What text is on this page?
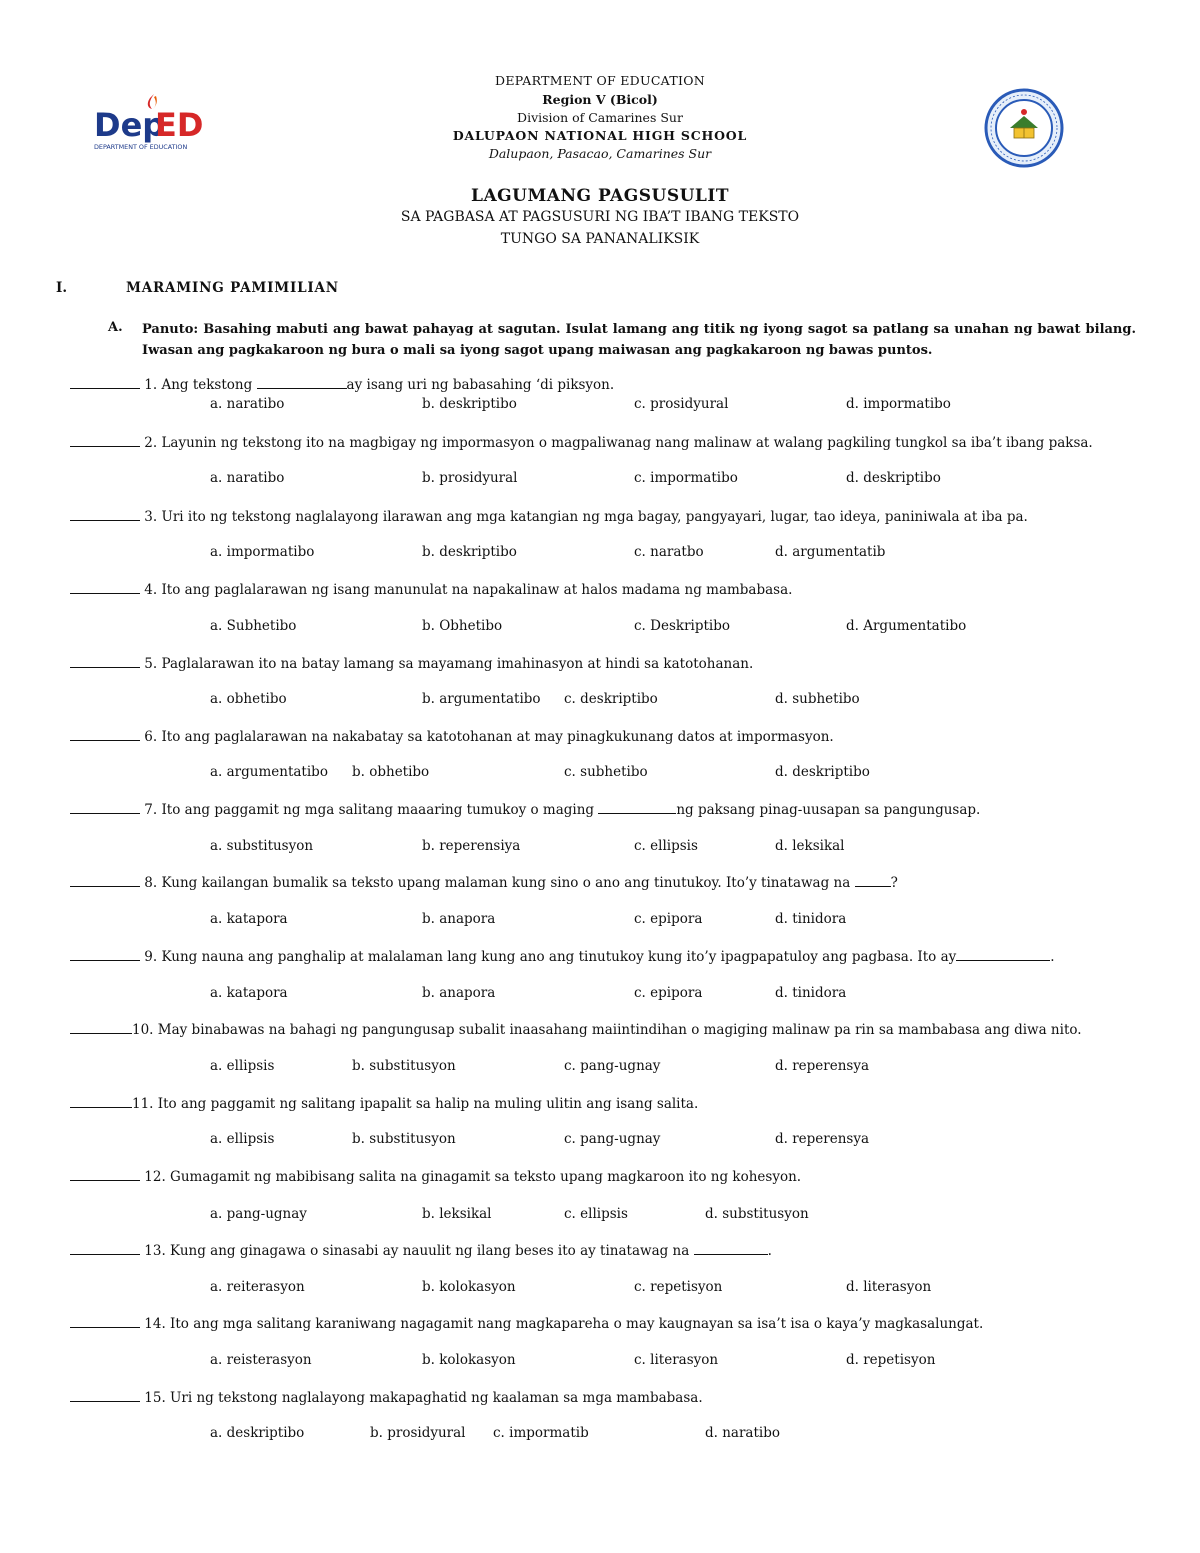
Dep
ED
DEPARTMENT OF EDUCATION
DEPARTMENT OF EDUCATION
Region V (Bicol)
Division of Camarines Sur
DALUPAON NATIONAL HIGH SCHOOL
Dalupaon, Pasacao, Camarines Sur
LAGUMANG PAGSUSULIT
SA PAGBASA AT PAGSUSURI NG IBA’T IBANG TEKSTO
TUNGO SA PANANALIKSIK
I.	MARAMING PAMIMILIAN
A. Panuto: Basahing mabuti ang bawat pahayag at sagutan. Isulat lamang ang titik ng iyong sagot sa patlang sa unahan ng bawat bilang. Iwasan ang pagkakaroon ng bura o mali sa iyong sagot upang maiwasan ang pagkakaroon ng bawas puntos.
1. Ang tekstong	ay isang uri ng babasahing ‘di piksyon.
a. naratibo	b. deskriptibo	c. prosidyural	d. impormatibo
2. Layunin ng tekstong ito na magbigay ng impormasyon o magpaliwanag nang malinaw at walang pagkiling tungkol sa iba’t ibang paksa.
a. naratibo	b. prosidyural	c. impormatibo	d. deskriptibo
3. Uri ito ng tekstong naglalayong ilarawan ang mga katangian ng mga bagay, pangyayari, lugar, tao ideya, paniniwala at iba pa.
a. impormatibo	b. deskriptibo	c. naratbo	d. argumentatib
4. Ito ang paglalarawan ng isang manunulat na napakalinaw at halos madama ng mambabasa.
a. Subhetibo	b. Obhetibo	c. Deskriptibo	d. Argumentatibo
5. Paglalarawan ito na batay lamang sa mayamang imahinasyon at hindi sa katotohanan.
a. obhetibo	b. argumentatibo c. deskriptibo	d. subhetibo
6. Ito ang paglalarawan na nakabatay sa katotohanan at may pinagkukunang datos at impormasyon.
a. argumentatibo b. obhetibo	c. subhetibo	d. deskriptibo
7. Ito ang paggamit ng mga salitang maaaring tumukoy o maging	ng paksang pinag-uusapan sa pangungusap.
a. substitusyon	b. reperensiya	c. ellipsis	d. leksikal
8. Kung kailangan bumalik sa teksto upang malaman kung sino o ano ang tinutukoy. Ito’y tinatawag na	?
a. katapora	b. anapora	c. epipora	d. tinidora
9. Kung nauna ang panghalip at malalaman lang kung ano ang tinutukoy kung ito’y ipagpapatuloy ang pagbasa. Ito ay	.
a. katapora	b. anapora	c. epipora	d. tinidora
10. May binabawas na bahagi ng pangungusap subalit inaasahang maiintindihan o magiging malinaw pa rin sa mambabasa ang diwa nito.
a. ellipsis	b. substitusyon	c. pang-ugnay	d. reperensya
11. Ito ang paggamit ng salitang ipapalit sa halip na muling ulitin ang isang salita.
a. ellipsis	b. substitusyon	c. pang-ugnay	d. reperensya
12. Gumagamit ng mabibisang salita na ginagamit sa teksto upang magkaroon ito ng kohesyon.
a. pang-ugnay	b. leksikal	c. ellipsis	d. substitusyon
13. Kung ang ginagawa o sinasabi ay nauulit ng ilang beses ito ay tinatawag na	.
a. reiterasyon	b. kolokasyon	c. repetisyon	d. literasyon
14. Ito ang mga salitang karaniwang nagagamit nang magkapareha o may kaugnayan sa isa’t isa o kaya’y magkasalungat.
a. reisterasyon	b. kolokasyon	c. literasyon	d. repetisyon
15. Uri ng tekstong naglalayong makapaghatid ng kaalaman sa mga mambabasa.
a. deskriptibo	b. prosidyural c. impormatib	d. naratibo
